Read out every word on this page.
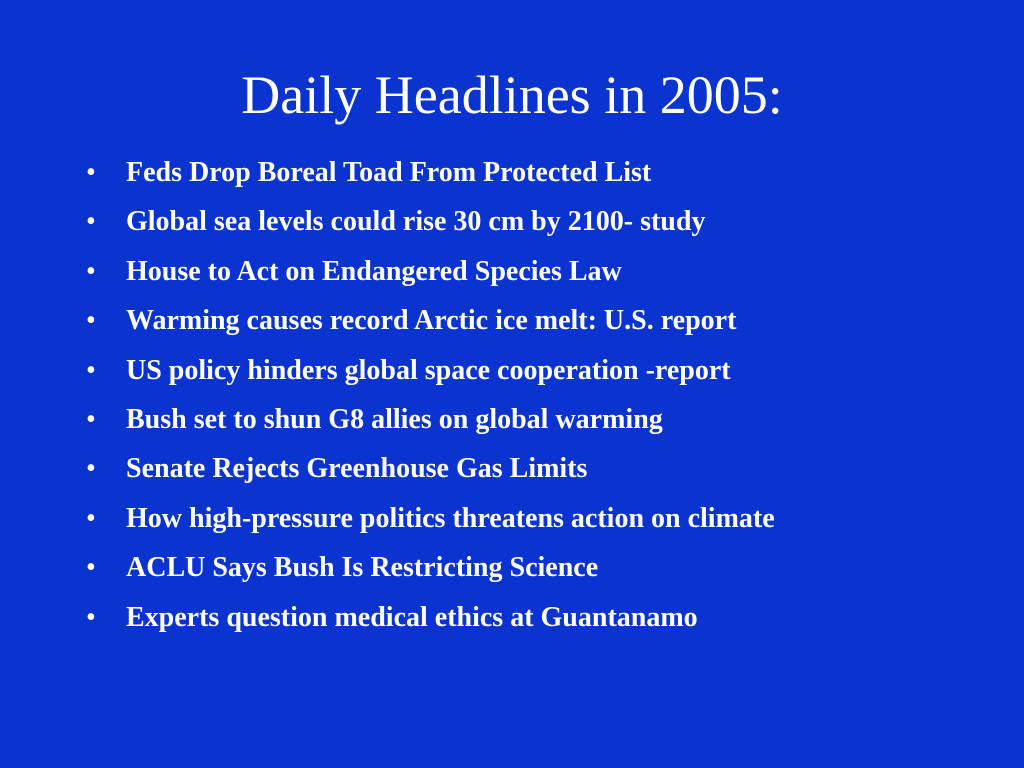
Daily Headlines in 2005:
• Feds Drop Boreal Toad From Protected List
• Global sea levels could rise 30 cm by 2100- study
• House to Act on Endangered Species Law
• Warming causes record Arctic ice melt: U.S. report
• US policy hinders global space cooperation -report
• Bush set to shun G8 allies on global warming
• Senate Rejects Greenhouse Gas Limits
• How high-pressure politics threatens action on climate
• ACLU Says Bush Is Restricting Science
• Experts question medical ethics at Guantanamo
